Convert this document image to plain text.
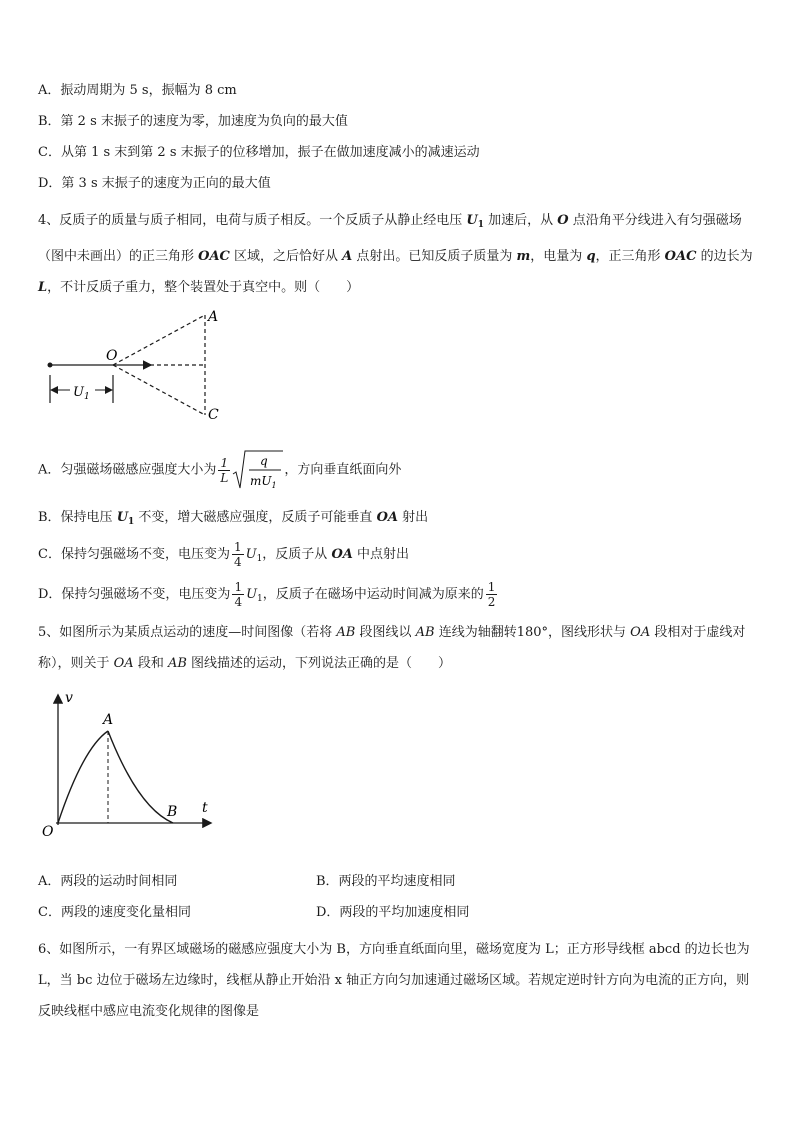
A．振动周期为 5 s，振幅为 8 cm
B．第 2 s 末振子的速度为零，加速度为负向的最大值
C．从第 1 s 末到第 2 s 末振子的位移增加，振子在做加速度减小的减速运动
D．第 3 s 末振子的速度为正向的最大值
4、反质子的质量与质子相同，电荷与质子相反。一个反质子从静止经电压 $U_1$ 加速后，从 O 点沿角平分线进入有匀强磁场（图中未画出）的正三角形 OAC 区域，之后恰好从 A 点射出。已知反质子质量为 m，电量为 q，正三角形 OAC 的边长为 L，不计反质子重力，整个装置处于真空中。则（　　）
A
O
C
$U_1$
A．匀强磁场磁感应强度大小为 $\frac{1}{L}$	q
$mU_1$
，方向垂直纸面向外
B．保持电压 $U_1$ 不变，增大磁感应强度，反质子可能垂直 OA 射出
C．保持匀强磁场不变，电压变为 $\frac{1}{4} U_1$，反质子从 OA 中点射出
D．保持匀强磁场不变，电压变为 $\frac{1}{4} U_1$，反质子在磁场中运动时间减为原来的 $\frac{1}{2}$
5、如图所示为某质点运动的速度—时间图像（若将 AB 段图线以 AB 连线为轴翻转180°，图线形状与 OA 段相对于虚线对称），则关于 OA 段和 AB 图线描述的运动，下列说法正确的是（　　）
v
A
B t
O
A．两段的运动时间相同	B．两段的平均速度相同
C．两段的速度变化量相同	D．两段的平均加速度相同
6、如图所示，一有界区域磁场的磁感应强度大小为 B，方向垂直纸面向里，磁场宽度为 L；正方形导线框 abcd 的边长也为 L，当 bc 边位于磁场左边缘时，线框从静止开始沿 x 轴正方向匀加速通过磁场区域。若规定逆时针方向为电流的正方向，则反映线框中感应电流变化规律的图像是
